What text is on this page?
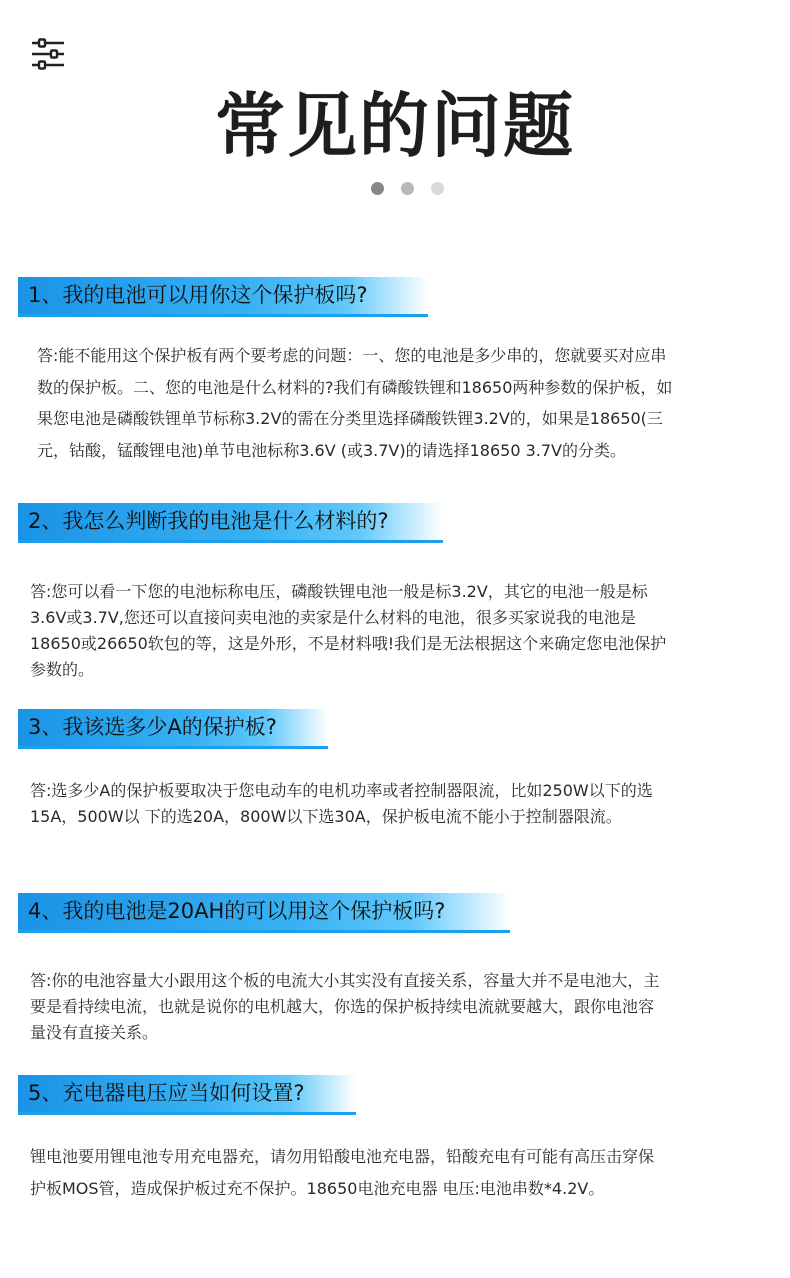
常见的问题
1、我的电池可以用你这个保护板吗?

答:能不能用这个保护板有两个要考虑的问题：一、您的电池是多少串的，您就要买对应串

数的保护板。二、您的电池是什么材料的?我们有磷酸铁锂和18650两种参数的保护板，如

果您电池是磷酸铁锂单节标称3.2V的需在分类里选择磷酸铁锂3.2V的，如果是18650(三

元，钴酸，锰酸锂电池)单节电池标称3.6V (或3.7V)的请选择18650 3.7V的分类。

2、我怎么判断我的电池是什么材料的?

答:您可以看一下您的电池标称电压，磷酸铁锂电池一般是标3.2V，其它的电池一般是标

3.6V或3.7V,您还可以直接问卖电池的卖家是什么材料的电池，很多买家说我的电池是

18650或26650软包的等，这是外形，不是材料哦!我们是无法根据这个来确定您电池保护

参数的。

3、我该选多少A的保护板?

答:选多少A的保护板要取决于您电动车的电机功率或者控制器限流，比如250W以下的选

15A，500W以 下的选20A，800W以下选30A，保护板电流不能小于控制器限流。

4、我的电池是20AH的可以用这个保护板吗?

答:你的电池容量大小跟用这个板的电流大小其实没有直接关系，容量大并不是电池大，主

要是看持续电流，也就是说你的电机越大，你选的保护板持续电流就要越大，跟你电池容

量没有直接关系。

5、充电器电压应当如何设置?

锂电池要用锂电池专用充电器充，请勿用铅酸电池充电器，铅酸充电有可能有高压击穿保

护板MOS管，造成保护板过充不保护。18650电池充电器 电压:电池串数*4.2V。
